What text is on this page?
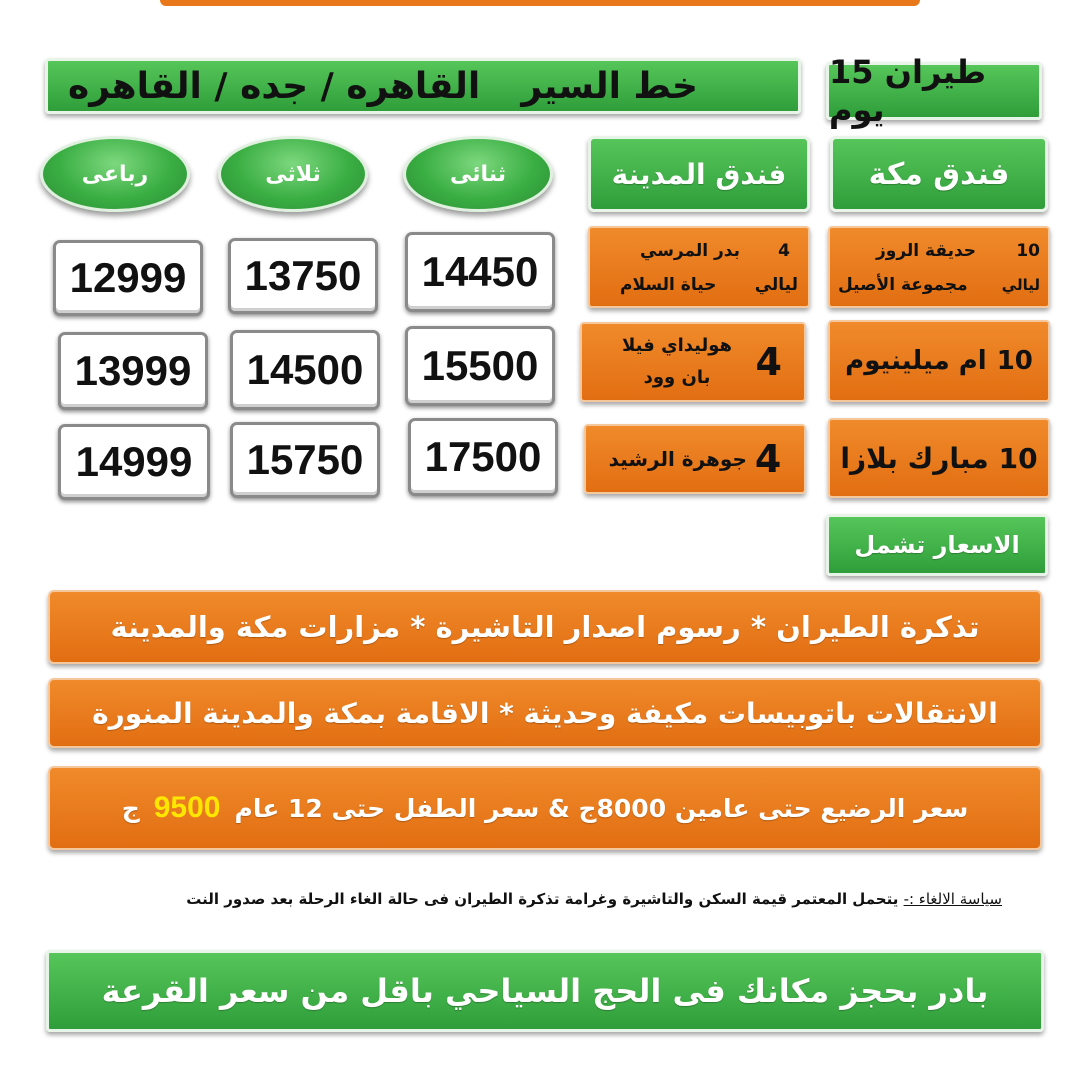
خط السير
القاهره / جده / القاهره	طيران 15 يوم
فندق مكة
فندق المدينة
ثنائى
ثلاثى
رباعى
10
حديقة الروز
ليالي
مجموعة الأصيل
4
بدر المرسي
ليالي
حياة السلام
14450
13750
12999
10
ام ميلينيوم
4
هوليداي فيلا
بان وود
15500
14500
13999
10
مبارك بلازا
4
جوهرة الرشيد
17500
15750
14999
الاسعار تشمل
تذكرة الطيران * رسوم اصدار التاشيرة * مزارات مكة والمدينة
الانتقالات باتوبيسات مكيفة وحديثة * الاقامة بمكة والمدينة المنورة
سعر الرضيع حتى عامين 8000ج & سعر الطفل حتى 12 عام
9500
ج
سياسة الالغاء :- يتحمل المعتمر قيمة السكن والتاشيرة وغرامة تذكرة الطيران فى حالة الغاء الرحلة بعد صدور النت
بادر بحجز مكانك فى الحج السياحي باقل من سعر القرعة
